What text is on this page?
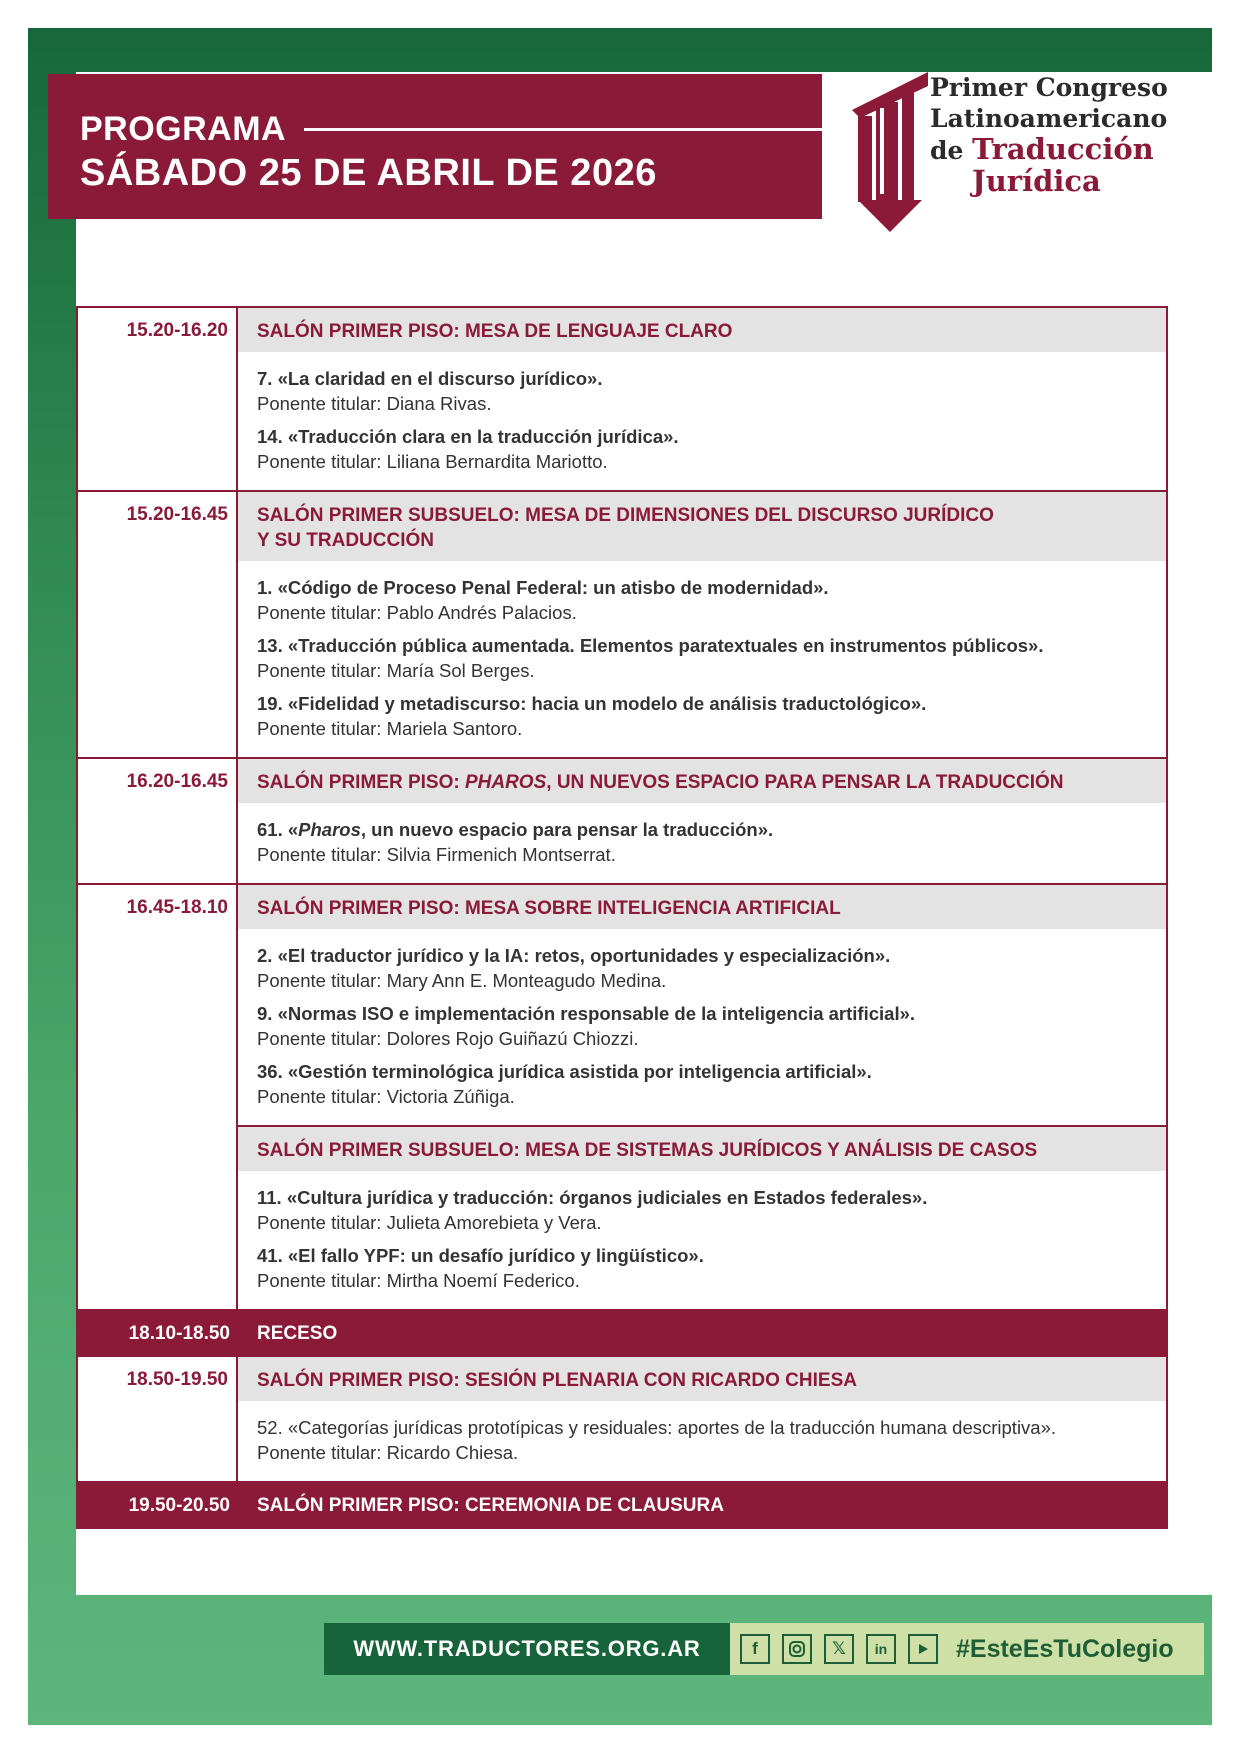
PROGRAMA
SÁBADO 25 DE ABRIL DE 2026
Primer Congreso
Latinoamericano
de Traducción
Jurídica
15.20-16.20	SALÓN PRIMER PISO: MESA DE LENGUAJE CLARO
7. «La claridad en el discurso jurídico».
Ponente titular: Diana Rivas.
14. «Traducción clara en la traducción jurídica».
Ponente titular: Liliana Bernardita Mariotto.
15.20-16.45	SALÓN PRIMER SUBSUELO: MESA DE DIMENSIONES DEL DISCURSO JURÍDICO
Y SU TRADUCCIÓN
1. «Código de Proceso Penal Federal: un atisbo de modernidad».
Ponente titular: Pablo Andrés Palacios.
13. «Traducción pública aumentada. Elementos paratextuales en instrumentos públicos».
Ponente titular: María Sol Berges.
19. «Fidelidad y metadiscurso: hacia un modelo de análisis traductológico».
Ponente titular: Mariela Santoro.
16.20-16.45	SALÓN PRIMER PISO: PHAROS, UN NUEVOS ESPACIO PARA PENSAR LA TRADUCCIÓN
61. «Pharos, un nuevo espacio para pensar la traducción».
Ponente titular: Silvia Firmenich Montserrat.
16.45-18.10	SALÓN PRIMER PISO: MESA SOBRE INTELIGENCIA ARTIFICIAL
2. «El traductor jurídico y la IA: retos, oportunidades y especialización».
Ponente titular: Mary Ann E. Monteagudo Medina.
9. «Normas ISO e implementación responsable de la inteligencia artificial».
Ponente titular: Dolores Rojo Guiñazú Chiozzi.
36. «Gestión terminológica jurídica asistida por inteligencia artificial».
Ponente titular: Victoria Zúñiga.
SALÓN PRIMER SUBSUELO: MESA DE SISTEMAS JURÍDICOS Y ANÁLISIS DE CASOS
11. «Cultura jurídica y traducción: órganos judiciales en Estados federales».
Ponente titular: Julieta Amorebieta y Vera.
41. «El fallo YPF: un desafío jurídico y lingüístico».
Ponente titular: Mirtha Noemí Federico.
18.10-18.50	RECESO
18.50-19.50	SALÓN PRIMER PISO: SESIÓN PLENARIA CON RICARDO CHIESA
52. «Categorías jurídicas prototípicas y residuales: aportes de la traducción humana descriptiva».
Ponente titular: Ricardo Chiesa.
19.50-20.50	SALÓN PRIMER PISO: CEREMONIA DE CLAUSURA
WWW.TRADUCTORES.ORG.AR	f	𝕏	in	#EsteEsTuColegio
